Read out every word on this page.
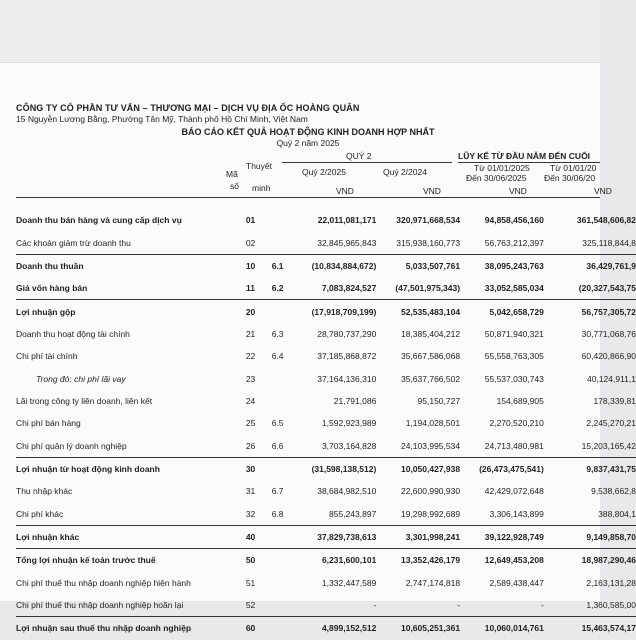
CÔNG TY CỔ PHẦN TƯ VẤN – THƯƠNG MẠI – DỊCH VỤ ĐỊA ỐC HOÀNG QUÂN
15 Nguyễn Lương Bằng, Phường Tân Mỹ, Thành phố Hồ Chí Minh, Việt Nam
BÁO CÁO KẾT QUẢ HOẠT ĐỘNG KINH DOANH HỢP NHẤT
Quý 2 năm 2025
Mã
số
Thuyết
minh
QUÝ 2	LŨY KẾ TỪ ĐẦU NĂM ĐẾN CUỐI
Quý 2/2025	Quý 2/2024	Từ 01/01/2025
Đến 30/06/2025
Từ 01/01/20
Đến 30/06/20
VND	VND	VND	VND
Doanh thu bán hàng và cung cấp dịch vụ	01		22,011,081,171	320,971,668,534	94,858,456,160	361,548,606,82
Các khoản giảm trừ doanh thu	02		32,845,965,843	315,938,160,773	56,763,212,397	325,118,844,8
Doanh thu thuần	10	6.1	(10,834,884,672)	5,033,507,761	38,095,243,763	36,429,761,9
Giá vốn hàng bán	11	6.2	7,083,824,527	(47,501,975,343)	33,052,585,034	(20,327,543,75
Lợi nhuận gộp	20		(17,918,709,199)	52,535,483,104	5,042,658,729	56,757,305,72
Doanh thu hoạt động tài chính	21	6.3	28,780,737,290	18,385,404,212	50,871,940,321	30,771,068,76
Chi phí tài chính	22	6.4	37,185,868,872	35,667,586,068	55,558,763,305	60,420,866,90
Trong đó: chi phí lãi vay	23		37,164,136,310	35,637,766,502	55,537,030,743	40,124,911,1
Lãi trong công ty liên doanh, liên kết	24		21,791,086	95,150,727	154,689,905	178,339,81
Chi phí bán hàng	25	6.5	1,592,923,989	1,194,028,501	2,270,520,210	2,245,270,21
Chi phí quản lý doanh nghiệp	26	6.6	3,703,164,828	24,103,995,534	24,713,480,981	15,203,165,42
Lợi nhuận từ hoạt động kinh doanh	30		(31,598,138,512)	10,050,427,938	(26,473,475,541)	9,837,431,75
Thu nhập khác	31	6.7	38,684,982,510	22,600,990,930	42,429,072,648	9,538,662,8
Chi phí khác	32	6.8	855,243,897	19,298,992,689	3,306,143,899	388,804,1
Lợi nhuận khác	40		37,829,738,613	3,301,998,241	39,122,928,749	9,149,858,70
Tổng lợi nhuận kế toán trước thuế	50		6,231,600,101	13,352,426,179	12,649,453,208	18,987,290,46
Chi phí thuế thu nhập doanh nghiệp hiện hành	51		1,332,447,589	2,747,174,818	2,589,438,447	2,163,131,28
Chi phí thuế thu nhập doanh nghiệp hoãn lại	52		-	-	-	1,360,585,00
Lợi nhuận sau thuế thu nhập doanh nghiệp	60		4,899,152,512	10,605,251,361	10,060,014,761	15,463,574,17
